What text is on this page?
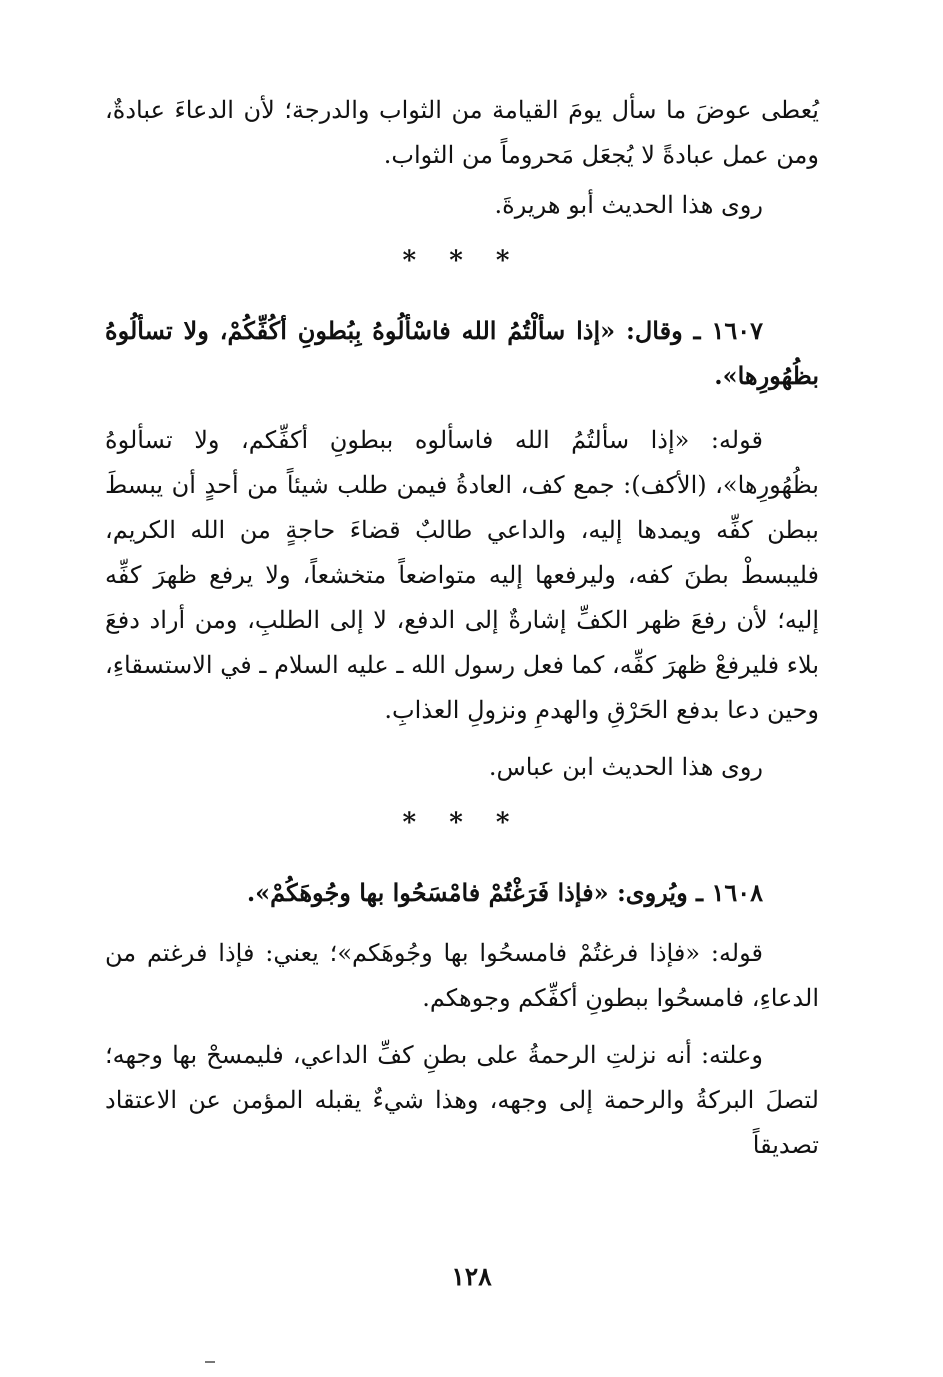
يُعطى عوضَ ما سأل يومَ القيامة من الثواب والدرجة؛ لأن الدعاءَ عبادةٌ، ومن عمل عبادةً لا يُجعَل مَحروماً من الثواب.

روى هذا الحديث أبو هريرةَ.

* * *

١٦٠٧ ـ وقال: «إذا سألْتُمُ الله فاسْألُوهُ بِبُطونِ أكُفِّكُمْ، ولا تسألُوهُ بظُهُورِها».

قوله: «إذا سألتُمُ الله فاسألوه ببطونِ أكفِّكم، ولا تسألوهُ بظُهُورِها»، (الأكف): جمع كف، العادةُ فيمن طلب شيئاً من أحدٍ أن يبسطَ ببطن كفِّه ويمدها إليه، والداعي طالبٌ قضاءَ حاجةٍ من الله الكريم، فليبسطْ بطنَ كفه، وليرفعها إليه متواضعاً متخشعاً، ولا يرفع ظهرَ كفِّه إليه؛ لأن رفعَ ظهر الكفِّ إشارةٌ إلى الدفع، لا إلى الطلبِ، ومن أراد دفعَ بلاء فليرفعْ ظهرَ كفِّه، كما فعل رسول الله ـ عليه السلام ـ في الاستسقاءِ، وحين دعا بدفع الحَرْقِ والهدمِ ونزولِ العذابِ.

روى هذا الحديث ابن عباس.

* * *

١٦٠٨ ـ ويُروى: «فإذا فَرَغْتُمْ فامْسَحُوا بها وجُوهَكُمْ».

قوله: «فإذا فرغتُمْ فامسحُوا بها وجُوهَكم»؛ يعني: فإذا فرغتم من الدعاءِ، فامسحُوا ببطونِ أكفِّكم وجوهكم.

وعلته: أنه نزلتِ الرحمةُ على بطنِ كفِّ الداعي، فليمسحْ بها وجهه؛ لتصلَ البركةُ والرحمة إلى وجهه، وهذا شيءٌ يقبله المؤمن عن الاعتقاد تصديقاً

١٢٨
